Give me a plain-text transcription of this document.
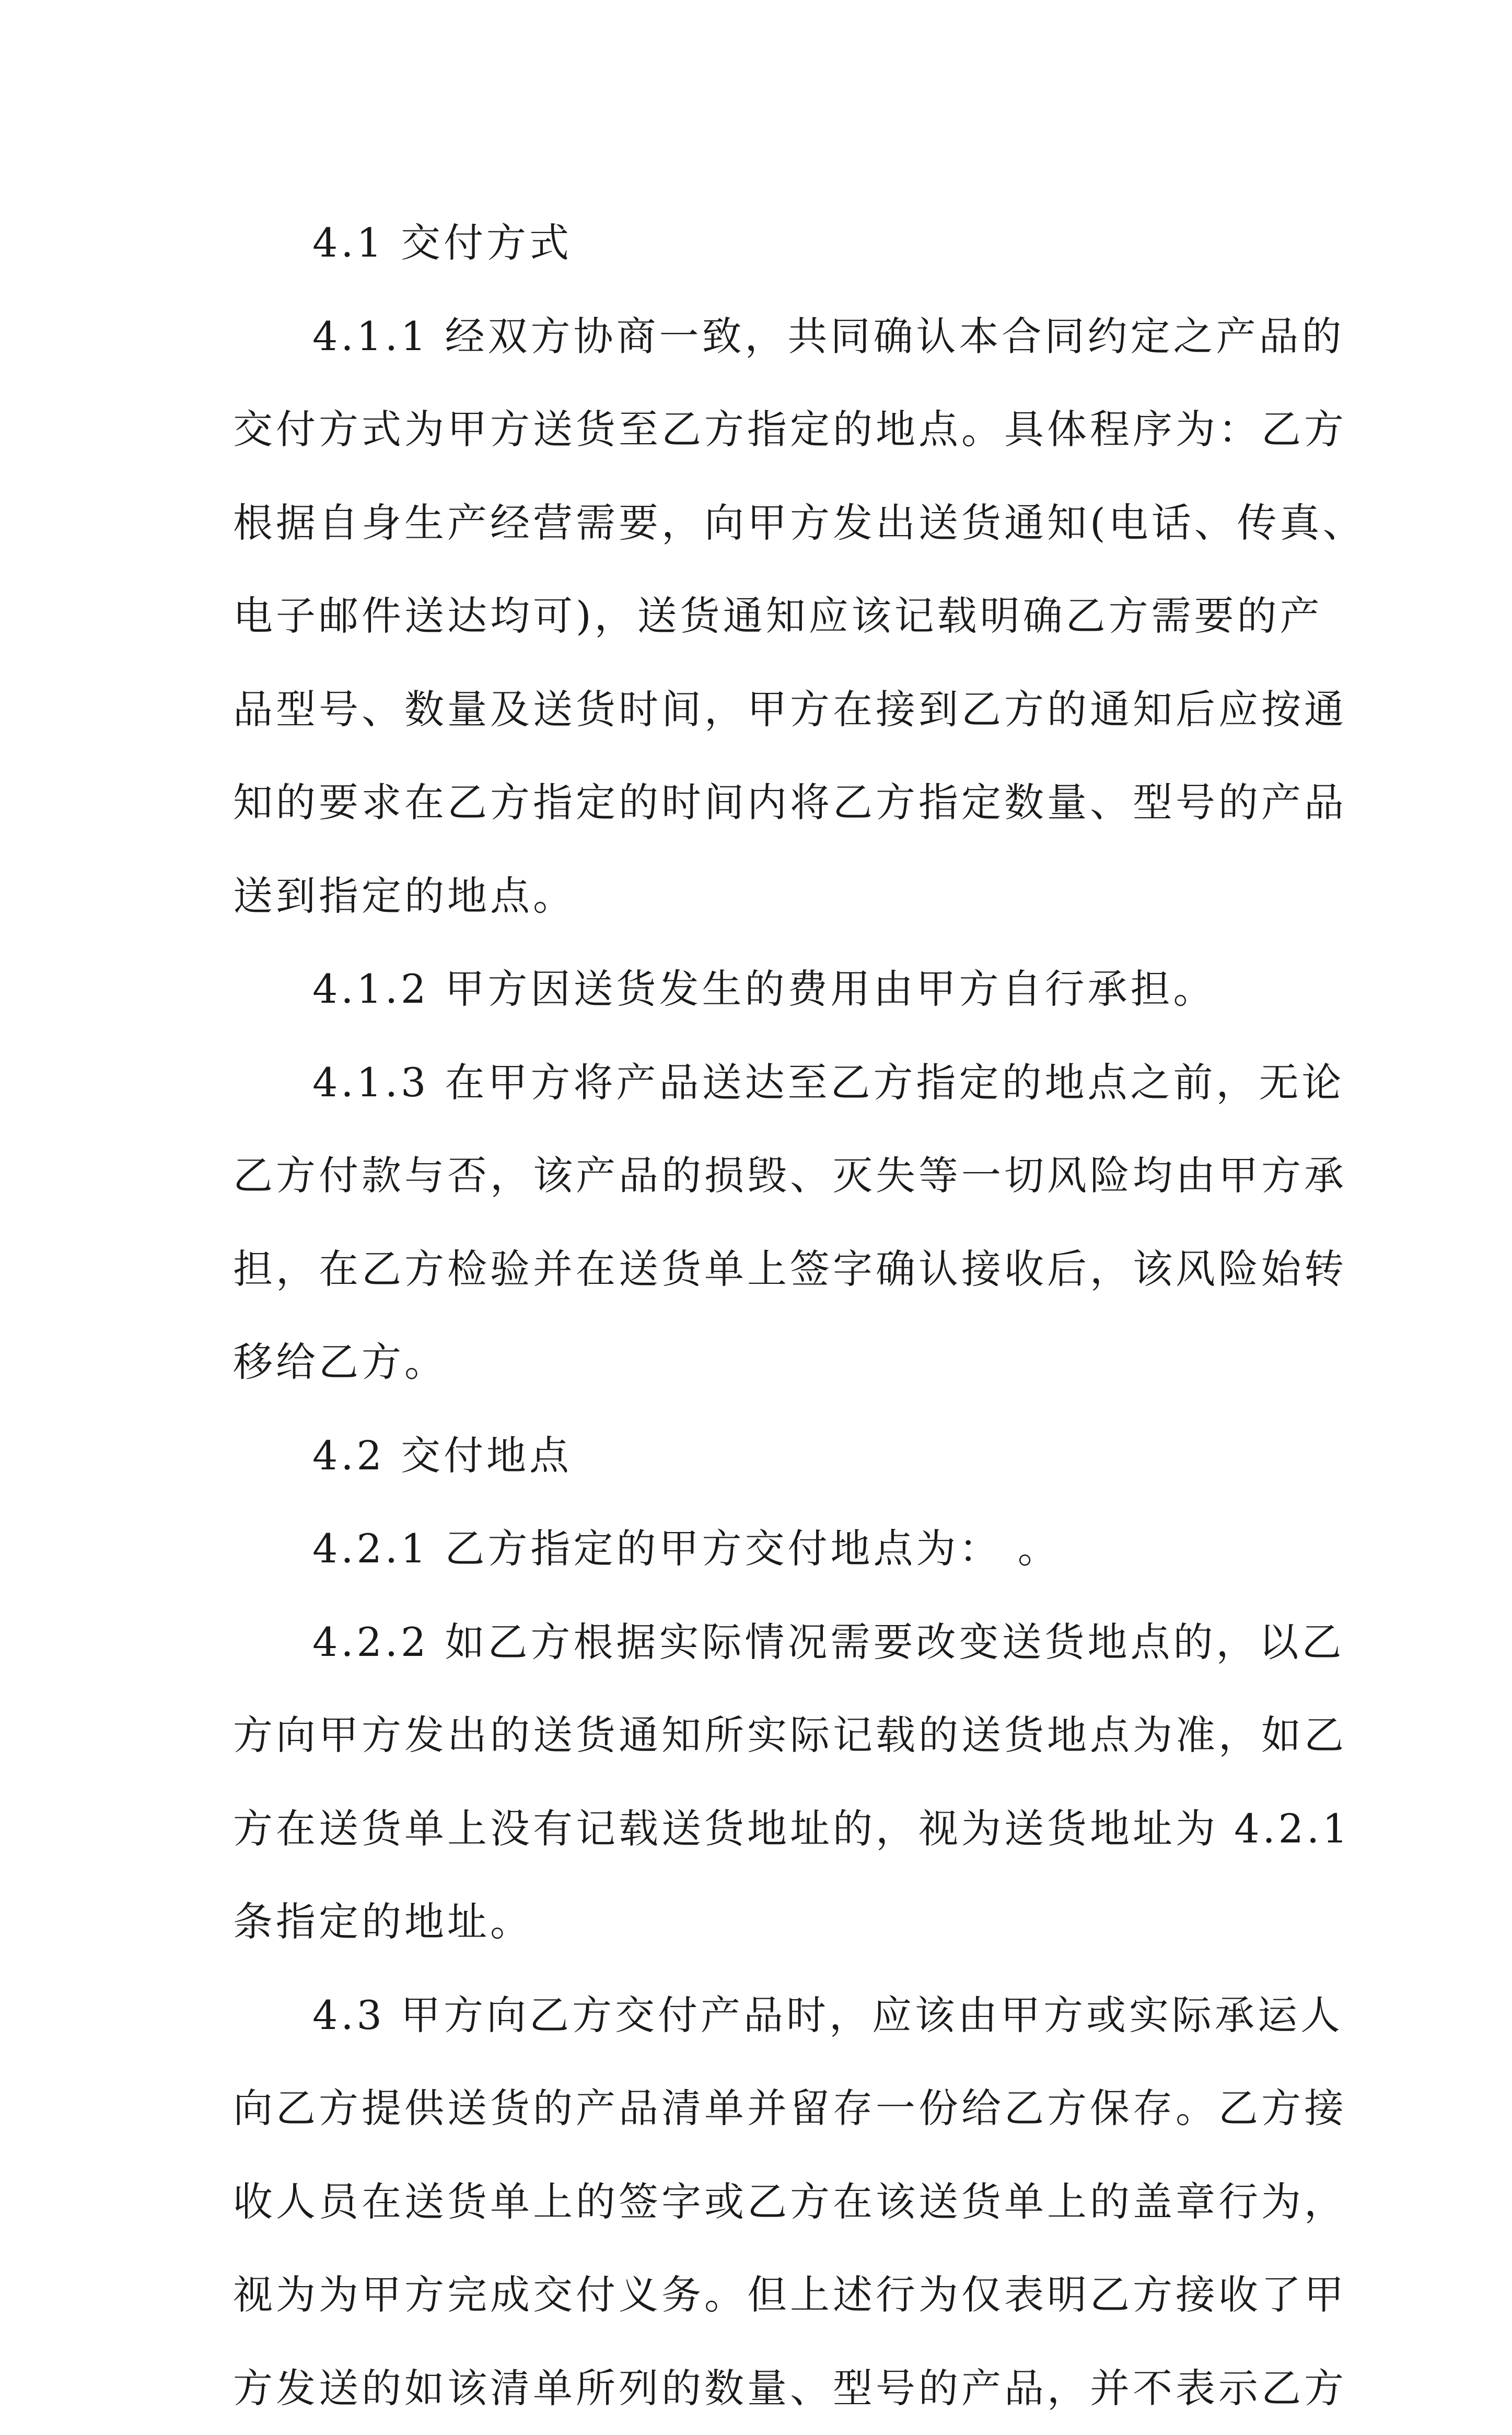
4.1 交付方式

4.1.1 经双方协商一致，共同确认本合同约定之产品的
交付方式为甲方送货至乙方指定的地点。具体程序为：乙方
根据自身生产经营需要，向甲方发出送货通知(电话、传真、
电子邮件送达均可)，送货通知应该记载明确乙方需要的产
品型号、数量及送货时间，甲方在接到乙方的通知后应按通
知的要求在乙方指定的时间内将乙方指定数量、型号的产品
送到指定的地点。

4.1.2 甲方因送货发生的费用由甲方自行承担。

4.1.3 在甲方将产品送达至乙方指定的地点之前，无论
乙方付款与否，该产品的损毁、灭失等一切风险均由甲方承
担，在乙方检验并在送货单上签字确认接收后，该风险始转
移给乙方。

4.2 交付地点

4.2.1 乙方指定的甲方交付地点为： 。

4.2.2 如乙方根据实际情况需要改变送货地点的，以乙
方向甲方发出的送货通知所实际记载的送货地点为准，如乙
方在送货单上没有记载送货地址的，视为送货地址为 4.2.1
条指定的地址。

4.3 甲方向乙方交付产品时，应该由甲方或实际承运人
向乙方提供送货的产品清单并留存一份给乙方保存。乙方接
收人员在送货单上的签字或乙方在该送货单上的盖章行为，
视为为甲方完成交付义务。但上述行为仅表明乙方接收了甲
方发送的如该清单所列的数量、型号的产品，并不表示乙方
